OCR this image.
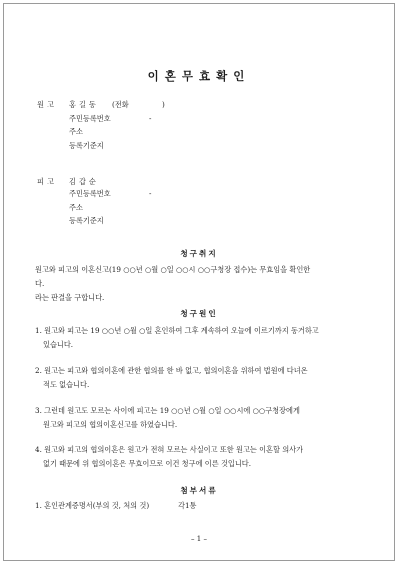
이혼무효확인
원고 홍길동 (전화	)
주민등록번호	-
주소
등록기준지
피고 김갑순
주민등록번호	-
주소
등록기준지
청구취지
원고와 피고의 이혼신고(19 ○○년 ○월 ○일 ○○시 ○○구청장 접수)는 무효임을 확인한
다.
라는 판결을 구합니다.
청구원인
1. 원고와 피고는 19 ○○년 ○월 ○일 혼인하여 그후 계속하여 오늘에 이르기까지 동거하고
있습니다.
2. 원고는 피고와 협의이혼에 관한 협의를 한 바 없고, 협의이혼을 위하여 법원에 다녀온
적도 없습니다.
3. 그런데 원고도 모르는 사이에 피고는 19 ○○년 ○월 ○일 ○○시에 ○○구청장에게
원고와 피고의 협의이혼신고를 하였습니다.
4. 원고와 피고의 협의이혼은 원고가 전혀 모르는 사실이고 또한 원고는 이혼할 의사가
없기 때문에 위 협의이혼은 무효이므로 이건 청구에 이른 것입니다.
첨부서류
1. 혼인관계증명서(부의 것, 처의 것)	각1통
– 1 –
